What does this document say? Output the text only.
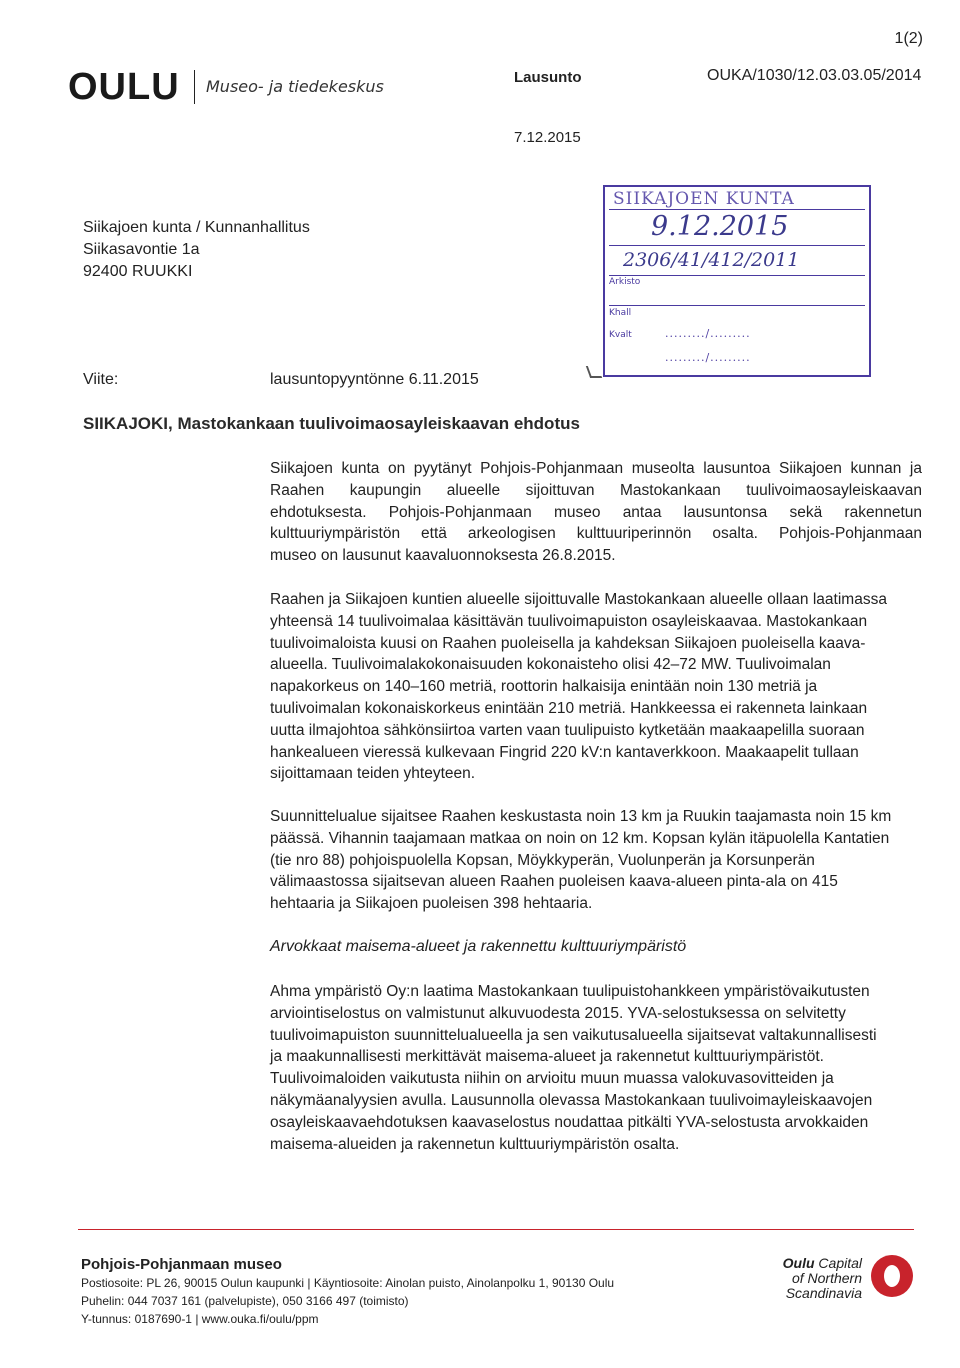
1(2)
OULU Museo- ja tiedekeskus	Lausunto	OUKA/1030/12.03.03.05/2014
7.12.2015
Siikajoen kunta / Kunnanhallitus
Siikasavontie 1a
92400 RUUKKI
SIIKAJOEN KUNTA
9.12.2015
2306/41/412/2011
Arkisto
Khall
Kvalt	........./.........
........./.........
Viite:	lausuntopyyntönne 6.11.2015
SIIKAJOKI, Mastokankaan tuulivoimaosayleiskaavan ehdotus
Siikajoen kunta on pyytänyt Pohjois-Pohjanmaan museolta lausuntoa Siikajoen kunnan ja
Raahen kaupungin alueelle sijoittuvan Mastokankaan tuulivoimaosayleiskaavan
ehdotuksesta. Pohjois-Pohjanmaan museo antaa lausuntonsa sekä rakennetun
kulttuuriympäristön että arkeologisen kulttuuriperinnön osalta. Pohjois-Pohjanmaan
museo on lausunut kaavaluonnoksesta 26.8.2015.
Raahen ja Siikajoen kuntien alueelle sijoittuvalle Mastokankaan alueelle ollaan laatimassa
yhteensä 14 tuulivoimalaa käsittävän tuulivoimapuiston osayleiskaavaa. Mastokankaan
tuulivoimaloista kuusi on Raahen puoleisella ja kahdeksan Siikajoen puoleisella kaava-
alueella. Tuulivoimalakokonaisuuden kokonaisteho olisi 42–72 MW. Tuulivoimalan
napakorkeus on 140–160 metriä, roottorin halkaisija enintään noin 130 metriä ja
tuulivoimalan kokonaiskorkeus enintään 210 metriä. Hankkeessa ei rakenneta lainkaan
uutta ilmajohtoa sähkönsiirtoa varten vaan tuulipuisto kytketään maakaapelilla suoraan
hankealueen vieressä kulkevaan Fingrid 220 kV:n kantaverkkoon. Maakaapelit tullaan
sijoittamaan teiden yhteyteen.
Suunnittelualue sijaitsee Raahen keskustasta noin 13 km ja Ruukin taajamasta noin 15 km
päässä. Vihannin taajamaan matkaa on noin on 12 km. Kopsan kylän itäpuolella Kantatien
(tie nro 88) pohjoispuolella Kopsan, Möykkyperän, Vuolunperän ja Korsunperän
välimaastossa sijaitsevan alueen Raahen puoleisen kaava-alueen pinta-ala on 415
hehtaaria ja Siikajoen puoleisen 398 hehtaaria.
Arvokkaat maisema-alueet ja rakennettu kulttuuriympäristö
Ahma ympäristö Oy:n laatima Mastokankaan tuulipuistohankkeen ympäristövaikutusten
arviointiselostus on valmistunut alkuvuodesta 2015. YVA-selostuksessa on selvitetty
tuulivoimapuiston suunnittelualueella ja sen vaikutusalueella sijaitsevat valtakunnallisesti
ja maakunnallisesti merkittävät maisema-alueet ja rakennetut kulttuuriympäristöt.
Tuulivoimaloiden vaikutusta niihin on arvioitu muun muassa valokuvasovitteiden ja
näkymäanalyysien avulla. Lausunnolla olevassa Mastokankaan tuulivoimayleiskaavojen
osayleiskaavaehdotuksen kaavaselostus noudattaa pitkälti YVA-selostusta arvokkaiden
maisema-alueiden ja rakennetun kulttuuriympäristön osalta.
Pohjois-Pohjanmaan museo
Postiosoite: PL 26, 90015 Oulun kaupunki | Käyntiosoite: Ainolan puisto, Ainolanpolku 1, 90130 Oulu
Puhelin: 044 7037 161 (palvelupiste), 050 3166 497 (toimisto)
Y-tunnus: 0187690-1 | www.ouka.fi/oulu/ppm
Oulu Capital
of Northern
Scandinavia
